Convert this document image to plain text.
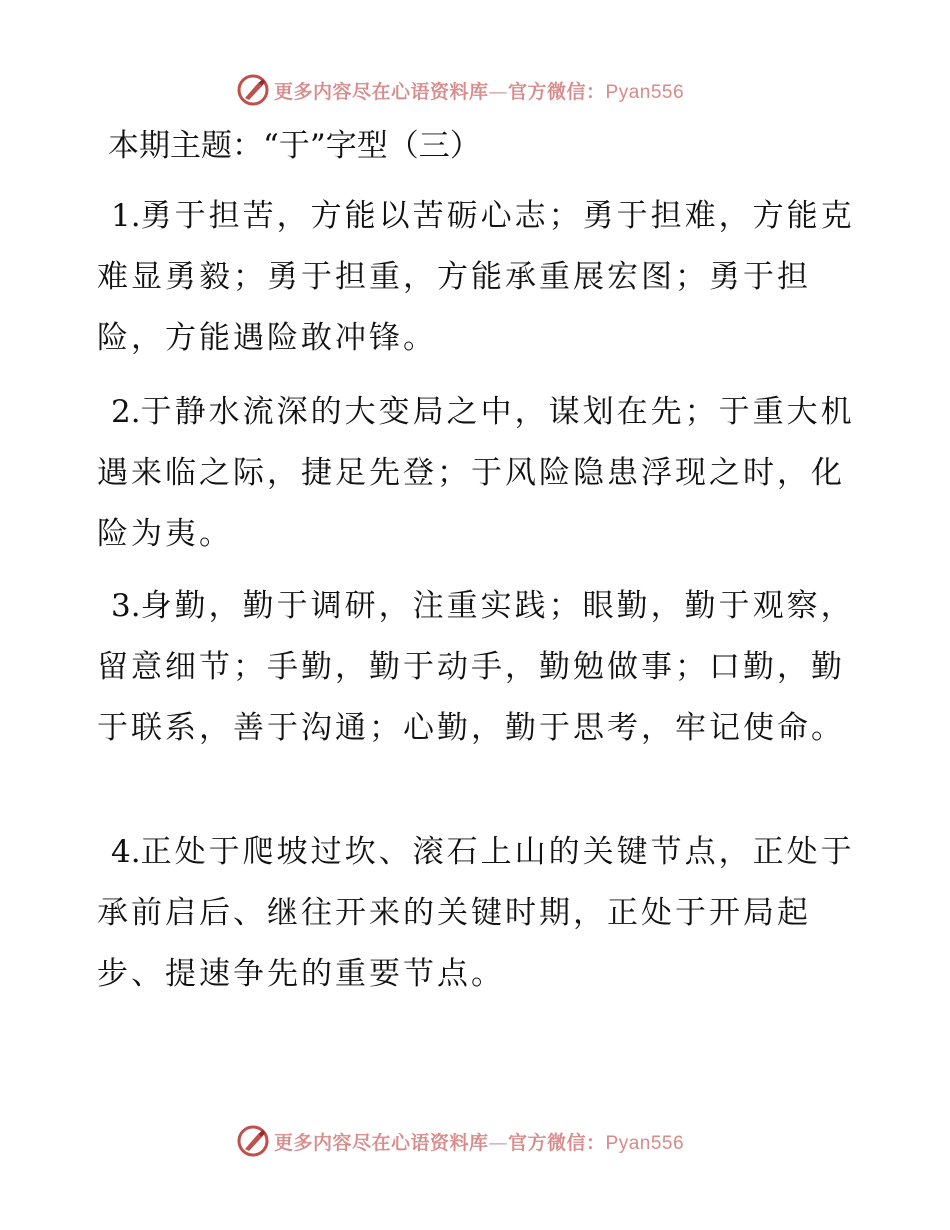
更多内容尽在心语资料库—官方微信：Pyan556
本期主题：“于”字型（三）

1.勇于担苦，方能以苦砺心志；勇于担难，方能克难显勇毅；勇于担重，方能承重展宏图；勇于担险，方能遇险敢冲锋。

2.于静水流深的大变局之中，谋划在先；于重大机遇来临之际，捷足先登；于风险隐患浮现之时，化险为夷。

3.身勤，勤于调研，注重实践；眼勤，勤于观察，留意细节；手勤，勤于动手，勤勉做事；口勤，勤于联系，善于沟通；心勤，勤于思考，牢记使命。

4.正处于爬坡过坎、滚石上山的关键节点，正处于承前启后、继往开来的关键时期，正处于开局起步、提速争先的重要节点。

更多内容尽在心语资料库—官方微信：Pyan556
